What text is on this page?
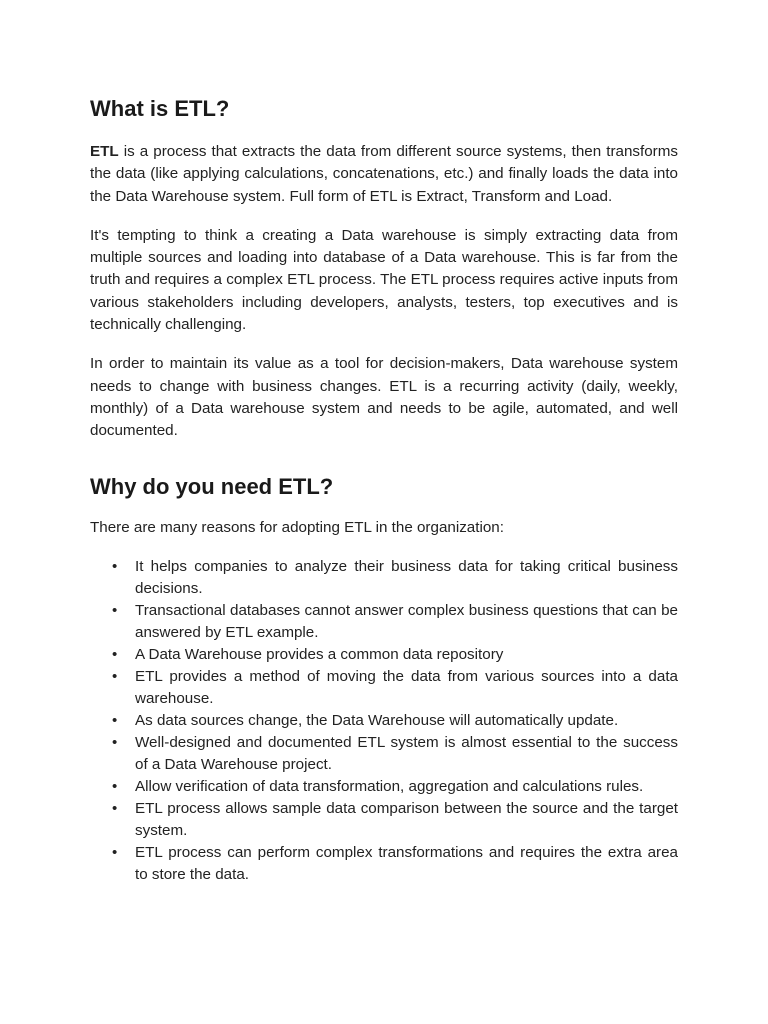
What is ETL?

ETL is a process that extracts the data from different source systems, then transforms the data (like applying calculations, concatenations, etc.) and finally loads the data into the Data Warehouse system. Full form of ETL is Extract, Transform and Load.

It's tempting to think a creating a Data warehouse is simply extracting data from multiple sources and loading into database of a Data warehouse. This is far from the truth and requires a complex ETL process. The ETL process requires active inputs from various stakeholders including developers, analysts, testers, top executives and is technically challenging.

In order to maintain its value as a tool for decision-makers, Data warehouse system needs to change with business changes. ETL is a recurring activity (daily, weekly, monthly) of a Data warehouse system and needs to be agile, automated, and well documented.

Why do you need ETL?

There are many reasons for adopting ETL in the organization:

• It helps companies to analyze their business data for taking critical business decisions.
• Transactional databases cannot answer complex business questions that can be answered by ETL example.
• A Data Warehouse provides a common data repository
• ETL provides a method of moving the data from various sources into a data warehouse.
• As data sources change, the Data Warehouse will automatically update.
• Well-designed and documented ETL system is almost essential to the success of a Data Warehouse project.
• Allow verification of data transformation, aggregation and calculations rules.
• ETL process allows sample data comparison between the source and the target system.
• ETL process can perform complex transformations and requires the extra area to store the data.
